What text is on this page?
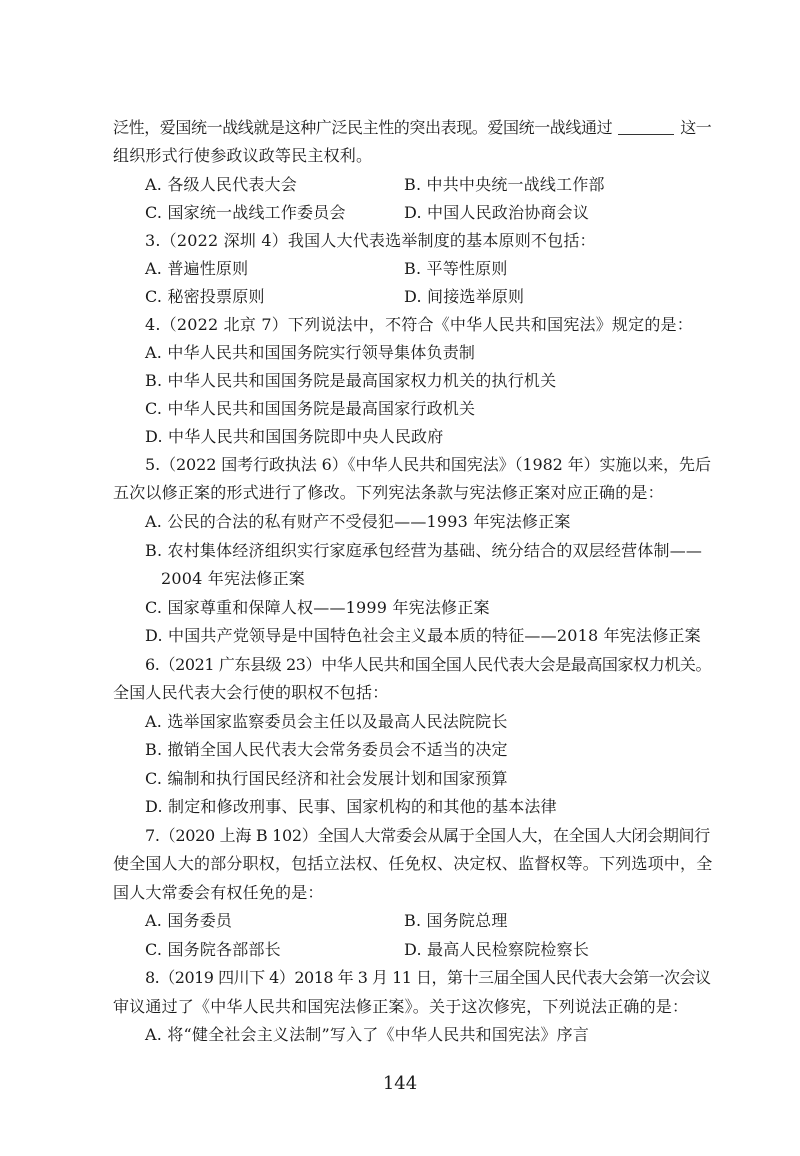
泛性，爱国统一战线就是这种广泛民主性的突出表现。爱国统一战线通过	这一
组织形式行使参政议政等民主权利。
A. 各级人民代表大会	B. 中共中央统一战线工作部
C. 国家统一战线工作委员会	D. 中国人民政治协商会议
3.（2022 深圳 4）我国人大代表选举制度的基本原则不包括：
A. 普遍性原则	B. 平等性原则
C. 秘密投票原则	D. 间接选举原则
4.（2022 北京 7）下列说法中，不符合《中华人民共和国宪法》规定的是：
A. 中华人民共和国国务院实行领导集体负责制
B. 中华人民共和国国务院是最高国家权力机关的执行机关
C. 中华人民共和国国务院是最高国家行政机关
D. 中华人民共和国国务院即中央人民政府
5.（2022 国考行政执法 6）《中华人民共和国宪法》（1982 年）实施以来，先后
五次以修正案的形式进行了修改。下列宪法条款与宪法修正案对应正确的是：
A. 公民的合法的私有财产不受侵犯——1993 年宪法修正案
B. 农村集体经济组织实行家庭承包经营为基础、统分结合的双层经营体制——
2004 年宪法修正案
C. 国家尊重和保障人权——1999 年宪法修正案
D. 中国共产党领导是中国特色社会主义最本质的特征——2018 年宪法修正案
6.（2021 广东县级 23）中华人民共和国全国人民代表大会是最高国家权力机关。
全国人民代表大会行使的职权不包括：
A. 选举国家监察委员会主任以及最高人民法院院长
B. 撤销全国人民代表大会常务委员会不适当的决定
C. 编制和执行国民经济和社会发展计划和国家预算
D. 制定和修改刑事、民事、国家机构的和其他的基本法律
7.（2020 上海 B 102）全国人大常委会从属于全国人大，在全国人大闭会期间行
使全国人大的部分职权，包括立法权、任免权、决定权、监督权等。下列选项中，全
国人大常委会有权任免的是：
A. 国务委员	B. 国务院总理
C. 国务院各部部长	D. 最高人民检察院检察长
8.（2019 四川下 4）2018 年 3 月 11 日，第十三届全国人民代表大会第一次会议
审议通过了《中华人民共和国宪法修正案》。关于这次修宪，下列说法正确的是：
A. 将“健全社会主义法制”写入了《中华人民共和国宪法》序言
144
